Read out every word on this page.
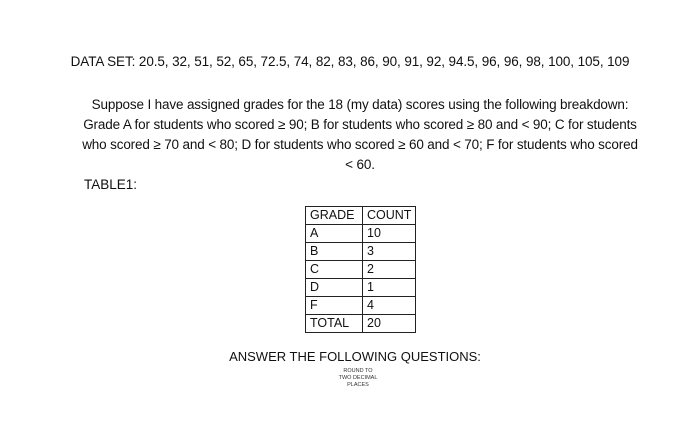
DATA SET: 20.5, 32, 51, 52, 65, 72.5, 74, 82, 83, 86, 90, 91, 92, 94.5, 96, 96, 98, 100, 105, 109
Suppose I have assigned grades for the 18 (my data) scores using the following breakdown: Grade A for students who scored ≥ 90; B for students who scored ≥ 80 and < 90; C for students who scored ≥ 70 and < 80; D for students who scored ≥ 60 and < 70; F for students who scored < 60.
TABLE1:
GRADE	COUNT
A	10
B	3
C	2
D	1
F	4
TOTAL	20
ANSWER THE FOLLOWING QUESTIONS:
ROUND TO
TWO DECIMAL
PLACES
